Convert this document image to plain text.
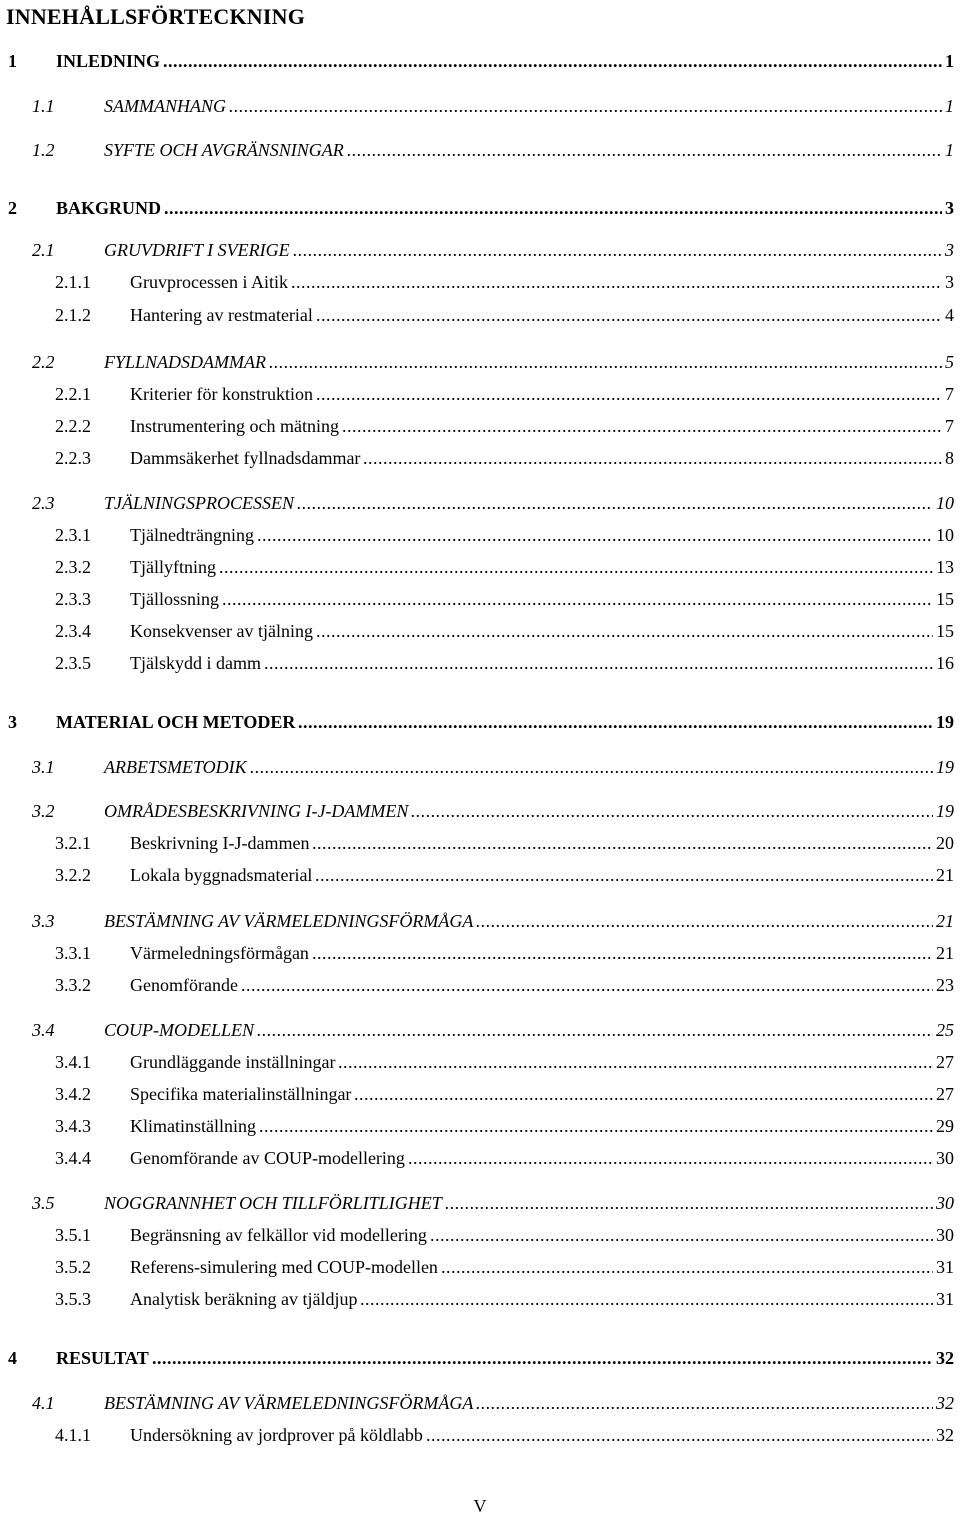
INNEHÅLLSFÖRTECKNING
1 INLEDNING .....	1
1.1	SAMMANHANG .....	1
1.2	SYFTE OCH AVGRÄNSNINGAR .....	1
2 BAKGRUND .....	3
2.1	GRUVDRIFT I SVERIGE .....	3
2.1.1 Gruvprocessen i Aitik .....	3
2.1.2 Hantering av restmaterial .....	4
2.2	FYLLNADSDAMMAR .....	5
2.2.1 Kriterier för konstruktion .....	7
2.2.2 Instrumentering och mätning .....	7
2.2.3 Dammsäkerhet fyllnadsdammar .....	8
2.3	TJÄLNINGSPROCESSEN .....	10
2.3.1 Tjälnedträngning .....	10
2.3.2 Tjällyftning .....	13
2.3.3 Tjällossning .....	15
2.3.4 Konsekvenser av tjälning .....	15
2.3.5 Tjälskydd i damm .....	16
3 MATERIAL OCH METODER .....	19
3.1	ARBETSMETODIK .....	19
3.2	OMRÅDESBESKRIVNING I-J-DAMMEN .....	19
3.2.1 Beskrivning I-J-dammen .....	20
3.2.2 Lokala byggnadsmaterial .....	21
3.3	BESTÄMNING AV VÄRMELEDNINGSFÖRMÅGA .....	21
3.3.1 Värmeledningsförmågan .....	21
3.3.2 Genomförande .....	23
3.4	COUP-MODELLEN .....	25
3.4.1 Grundläggande inställningar .....	27
3.4.2 Specifika materialinställningar .....	27
3.4.3 Klimatinställning .....	29
3.4.4 Genomförande av COUP-modellering .....	30
3.5	NOGGRANNHET OCH TILLFÖRLITLIGHET .....	30
3.5.1 Begränsning av felkällor vid modellering .....	30
3.5.2 Referens-simulering med COUP-modellen .....	31
3.5.3 Analytisk beräkning av tjäldjup .....	31
4 RESULTAT .....	32
4.1	BESTÄMNING AV VÄRMELEDNINGSFÖRMÅGA .....	32
4.1.1 Undersökning av jordprover på köldlabb .....	32
V
